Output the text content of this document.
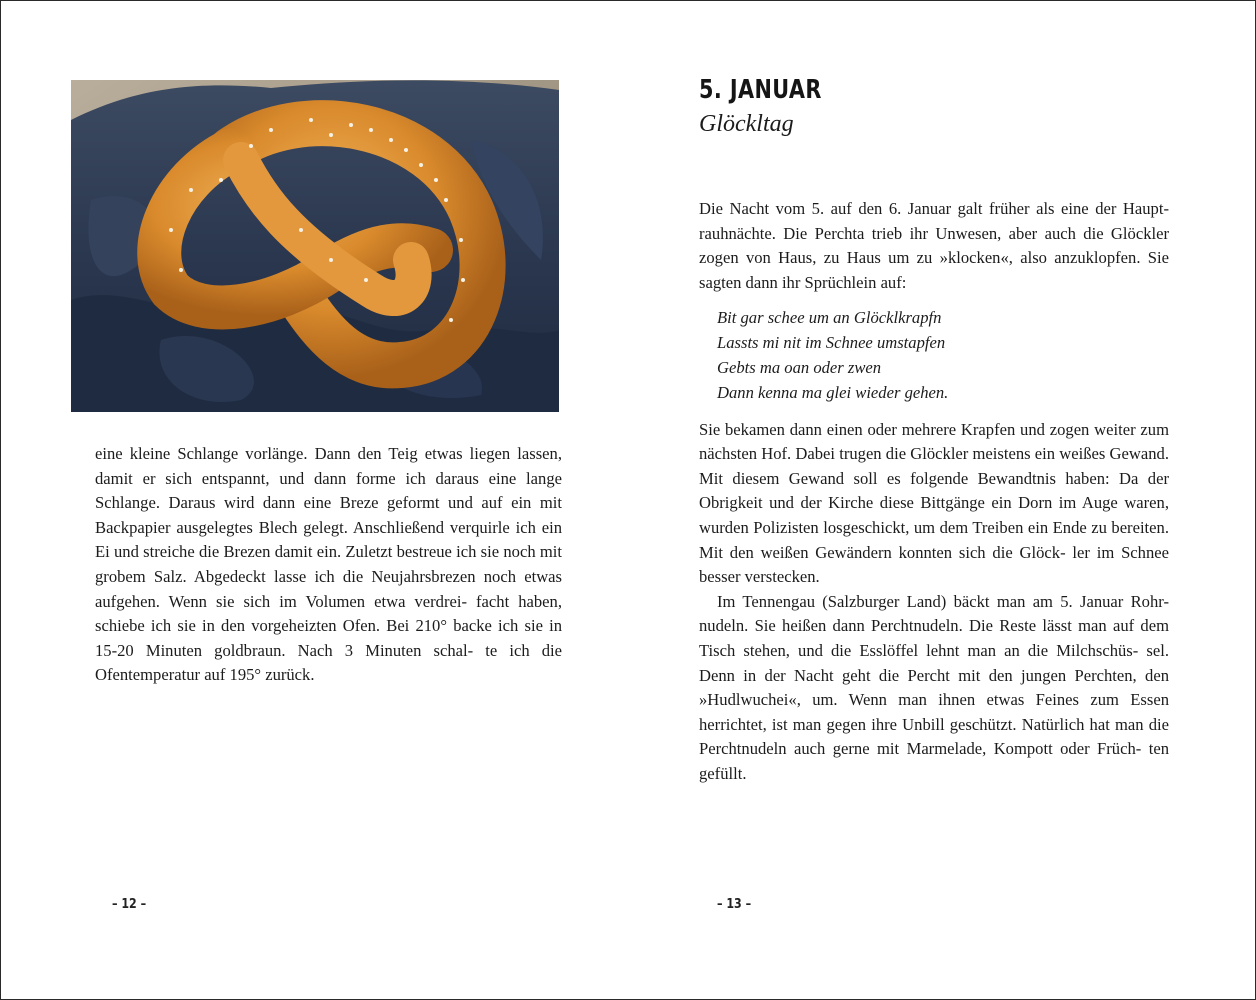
eine kleine Schlange vorlänge. Dann den Teig etwas liegen lassen, damit er sich entspannt, und dann forme ich daraus eine lange Schlange. Daraus wird dann eine Breze geformt und auf ein mit Backpapier ausgelegtes Blech gelegt. Anschließend verquirle ich ein Ei und streiche die Brezen damit ein. Zuletzt bestreue ich sie noch mit grobem Salz. Abgedeckt lasse ich die Neujahrsbrezen noch etwas aufgehen. Wenn sie sich im Volumen etwa verdrei- facht haben, schiebe ich sie in den vorgeheizten Ofen. Bei 210° backe ich sie in 15-20 Minuten goldbraun. Nach 3 Minuten schal- te ich die Ofentemperatur auf 195° zurück.

– 12 –
5. JANUAR
Glöckltag

Die Nacht vom 5. auf den 6. Januar galt früher als eine der Haupt- rauhnächte. Die Perchta trieb ihr Unwesen, aber auch die Glöckler zogen von Haus, zu Haus um zu »klocken«, also anzuklopfen. Sie sagten dann ihr Sprüchlein auf:

Bit gar schee um an Glöcklkrapfn
Lassts mi nit im Schnee umstapfen
Gebts ma oan oder zwen
Dann kenna ma glei wieder gehen.

Sie bekamen dann einen oder mehrere Krapfen und zogen weiter zum nächsten Hof. Dabei trugen die Glöckler meistens ein weißes Gewand. Mit diesem Gewand soll es folgende Bewandtnis haben: Da der Obrigkeit und der Kirche diese Bittgänge ein Dorn im Auge waren, wurden Polizisten losgeschickt, um dem Treiben ein Ende zu bereiten. Mit den weißen Gewändern konnten sich die Glöck- ler im Schnee besser verstecken.

Im Tennengau (Salzburger Land) bäckt man am 5. Januar Rohr- nudeln. Sie heißen dann Perchtnudeln. Die Reste lässt man auf dem Tisch stehen, und die Esslöffel lehnt man an die Milchschüs- sel. Denn in der Nacht geht die Percht mit den jungen Perchten, den »Hudlwuchei«, um. Wenn man ihnen etwas Feines zum Essen herrichtet, ist man gegen ihre Unbill geschützt. Natürlich hat man die Perchtnudeln auch gerne mit Marmelade, Kompott oder Früch- ten gefüllt.

– 13 –
